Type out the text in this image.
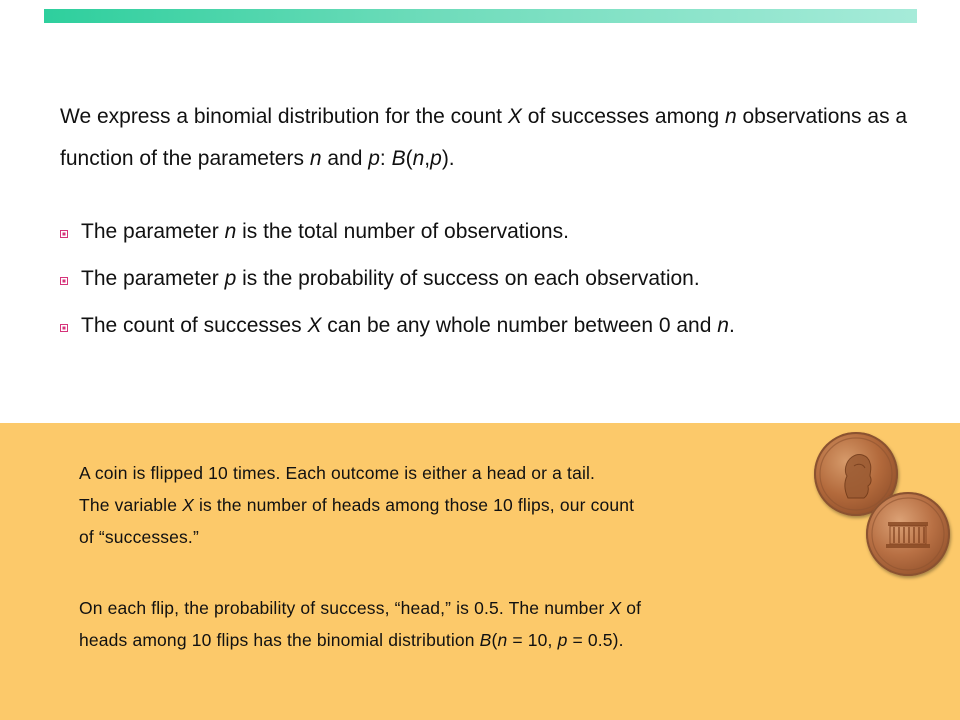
We express a binomial distribution for the count X of successes among n observations as a function of the parameters n and p: B(n,p).

The parameter n is the total number of observations.
The parameter p is the probability of success on each observation.
The count of successes X can be any whole number between 0 and n.

A coin is flipped 10 times. Each outcome is either a head or a tail.
The variable X is the number of heads among those 10 flips, our count
of “successes.”

On each flip, the probability of success, “head,” is 0.5. The number X of
heads among 10 flips has the binomial distribution B(n = 10, p = 0.5).
